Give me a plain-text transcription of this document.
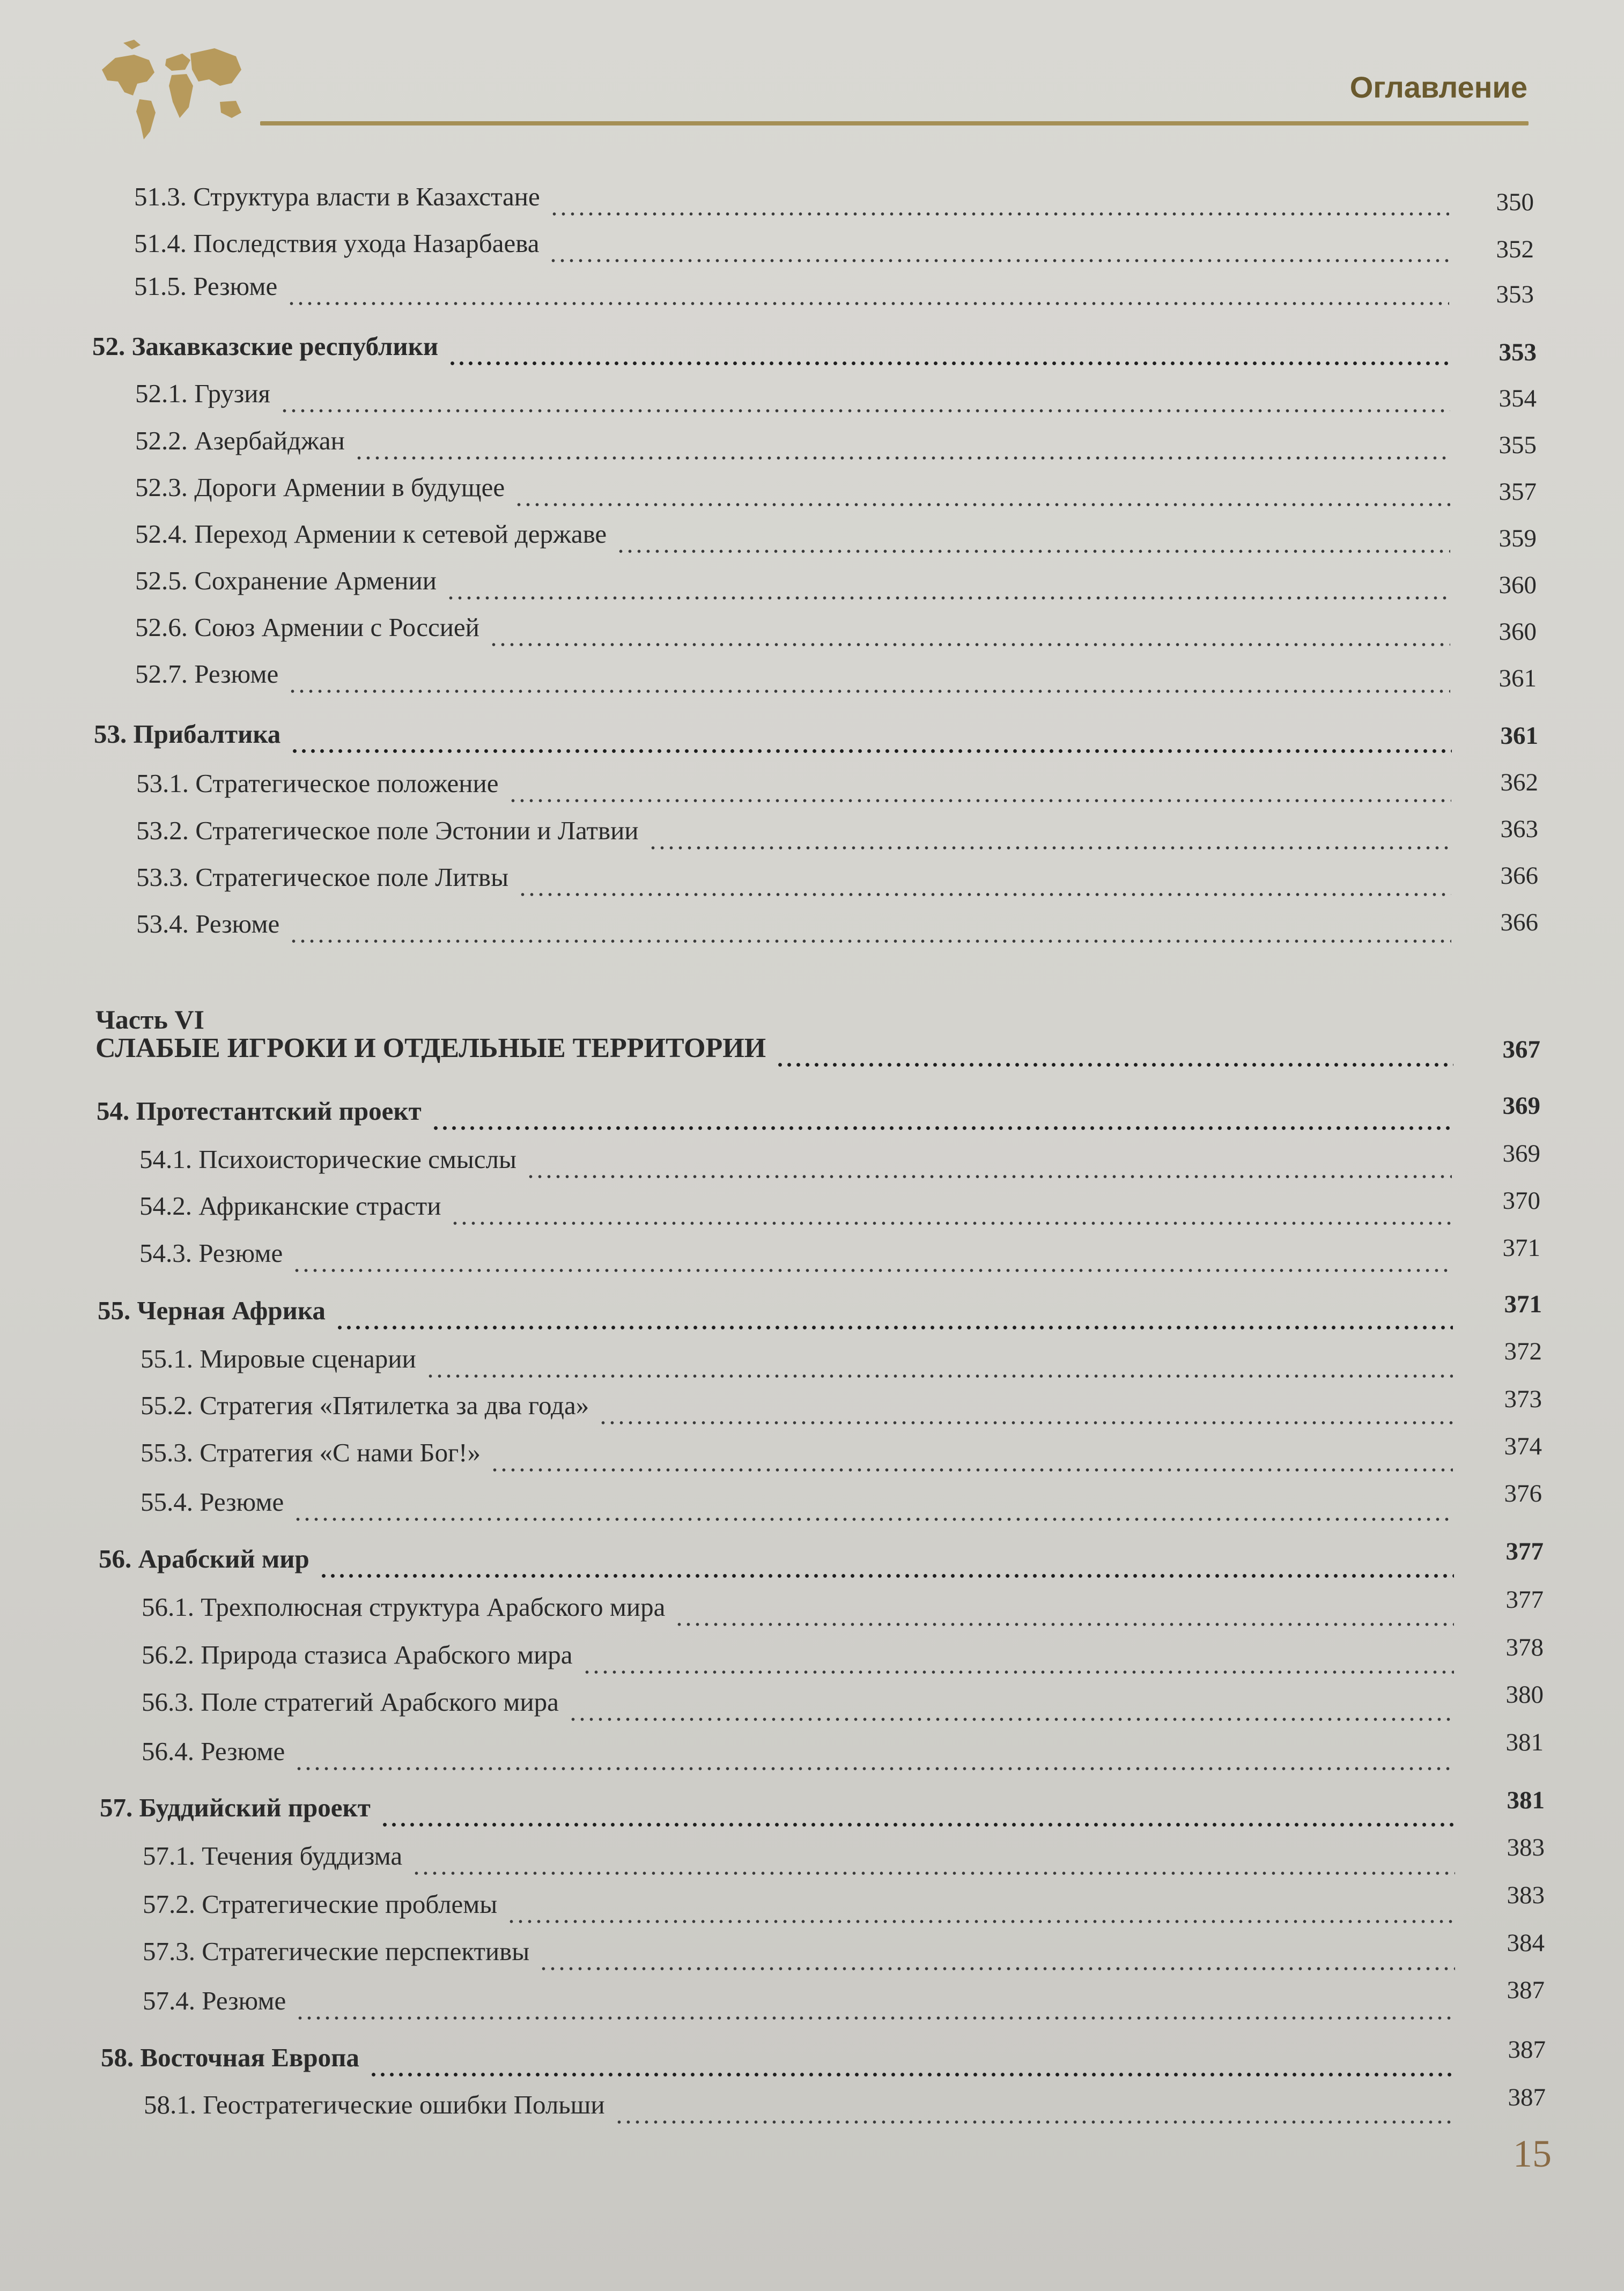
Оглавление
Часть VI
51.3. Структура власти в Казахстане	350
51.4. Последствия ухода Назарбаева	352
51.5. Резюме	353
52. Закавказские республики	353
52.1. Грузия	354
52.2. Азербайджан	355
52.3. Дороги Армении в будущее	357
52.4. Переход Армении к сетевой державе	359
52.5. Сохранение Армении	360
52.6. Союз Армении с Россией	360
52.7. Резюме	361
53. Прибалтика	361
53.1. Стратегическое положение	362
53.2. Стратегическое поле Эстонии и Латвии	363
53.3. Стратегическое поле Литвы	366
53.4. Резюме	366
СЛАБЫЕ ИГРОКИ И ОТДЕЛЬНЫЕ ТЕРРИТОРИИ	367
54. Протестантский проект	369
54.1. Психоисторические смыслы	369
54.2. Африканские страсти	370
54.3. Резюме	371
55. Черная Африка	371
55.1. Мировые сценарии	372
55.2. Стратегия «Пятилетка за два года»	373
55.3. Стратегия «С нами Бог!»	374
55.4. Резюме	376
56. Арабский мир	377
56.1. Трехполюсная структура Арабского мира	377
56.2. Природа стазиса Арабского мира	378
56.3. Поле стратегий Арабского мира	380
56.4. Резюме	381
57. Буддийский проект	381
57.1. Течения буддизма	383
57.2. Стратегические проблемы	383
57.3. Стратегические перспективы	384
57.4. Резюме	387
58. Восточная Европа	387
58.1. Геостратегические ошибки Польши	387
15
